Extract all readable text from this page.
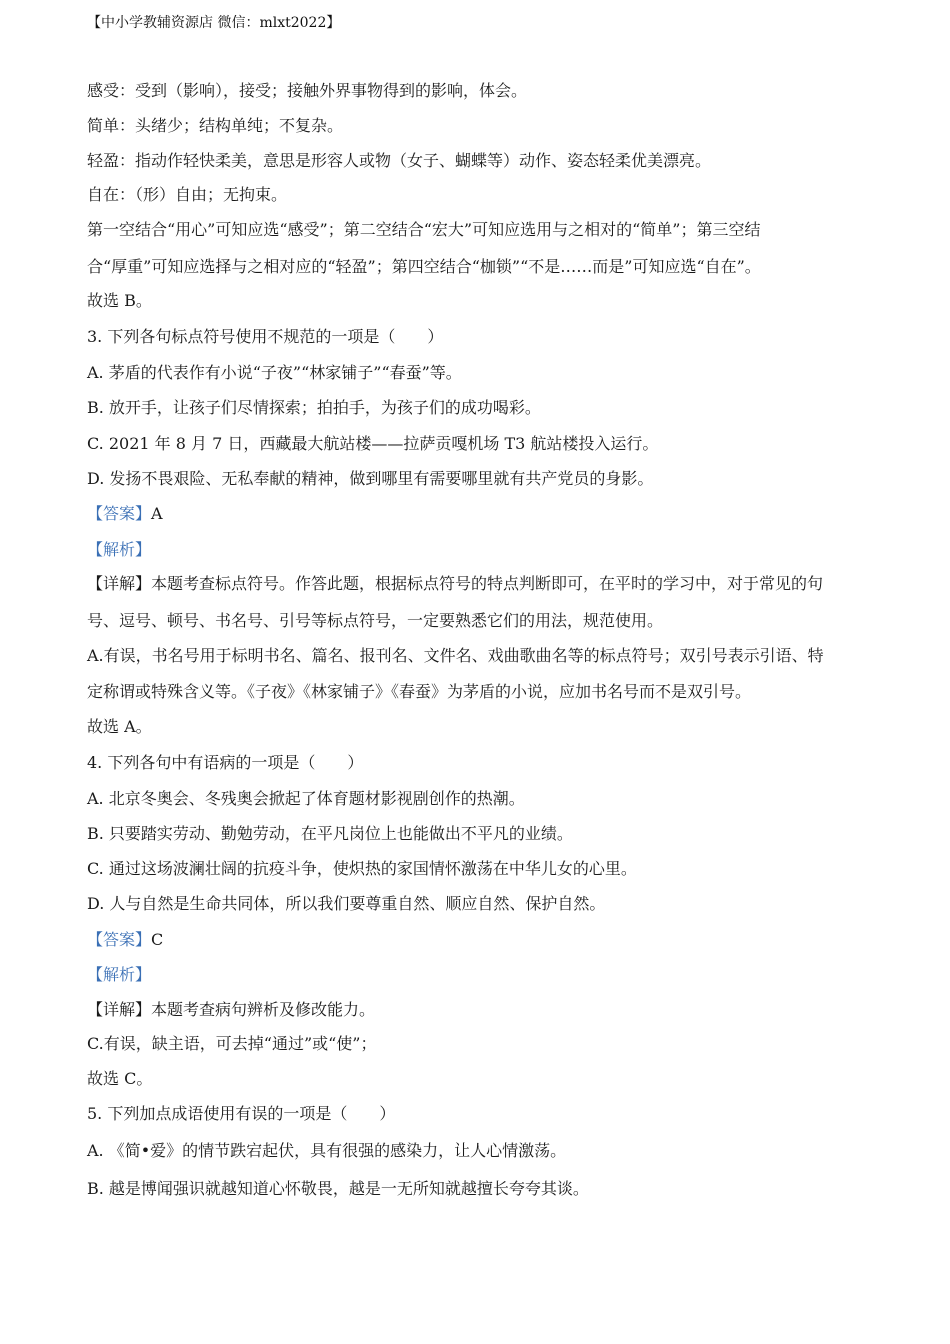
【中小学教辅资源店 微信：mlxt2022】
感受：受到（影响），接受；接触外界事物得到的影响，体会。
简单：头绪少；结构单纯；不复杂。
轻盈：指动作轻快柔美，意思是形容人或物（女子、蝴蝶等）动作、姿态轻柔优美漂亮。
自在：（形）自由；无拘束。
第一空结合“用心”可知应选“感受”；第二空结合“宏大”可知应选用与之相对的“简单”；第三空结
合“厚重”可知应选择与之相对应的“轻盈”；第四空结合“枷锁”“不是……而是”可知应选“自在”。
故选 B。
3. 下列各句标点符号使用不规范的一项是（　　）
A. 茅盾的代表作有小说“子夜”“林家铺子”“春蚕”等。
B. 放开手，让孩子们尽情探索；拍拍手，为孩子们的成功喝彩。
C. 2021 年 8 月 7 日，西藏最大航站楼——拉萨贡嘎机场 T3 航站楼投入运行。
D. 发扬不畏艰险、无私奉献的精神，做到哪里有需要哪里就有共产党员的身影。
【答案】A
【解析】
【详解】本题考查标点符号。作答此题，根据标点符号的特点判断即可，在平时的学习中，对于常见的句
号、逗号、顿号、书名号、引号等标点符号，一定要熟悉它们的用法，规范使用。
A.有误，书名号用于标明书名、篇名、报刊名、文件名、戏曲歌曲名等的标点符号；双引号表示引语、特
定称谓或特殊含义等。《子夜》《林家铺子》《春蚕》为茅盾的小说，应加书名号而不是双引号。
故选 A。
4. 下列各句中有语病的一项是（　　）
A. 北京冬奥会、冬残奥会掀起了体育题材影视剧创作的热潮。
B. 只要踏实劳动、勤勉劳动，在平凡岗位上也能做出不平凡的业绩。
C. 通过这场波澜壮阔的抗疫斗争，使炽热的家国情怀激荡在中华儿女的心里。
D. 人与自然是生命共同体，所以我们要尊重自然、顺应自然、保护自然。
【答案】C
【解析】
【详解】本题考查病句辨析及修改能力。
C.有误，缺主语，可去掉“通过”或“使”；
故选 C。
5. 下列加点成语使用有误的一项是（　　）
A. 《简•爱》的情节跌宕起伏，具有很强的感染力，让人心情激荡。
B. 越是博闻强识就越知道心怀敬畏，越是一无所知就越擅长夸夸其谈。
